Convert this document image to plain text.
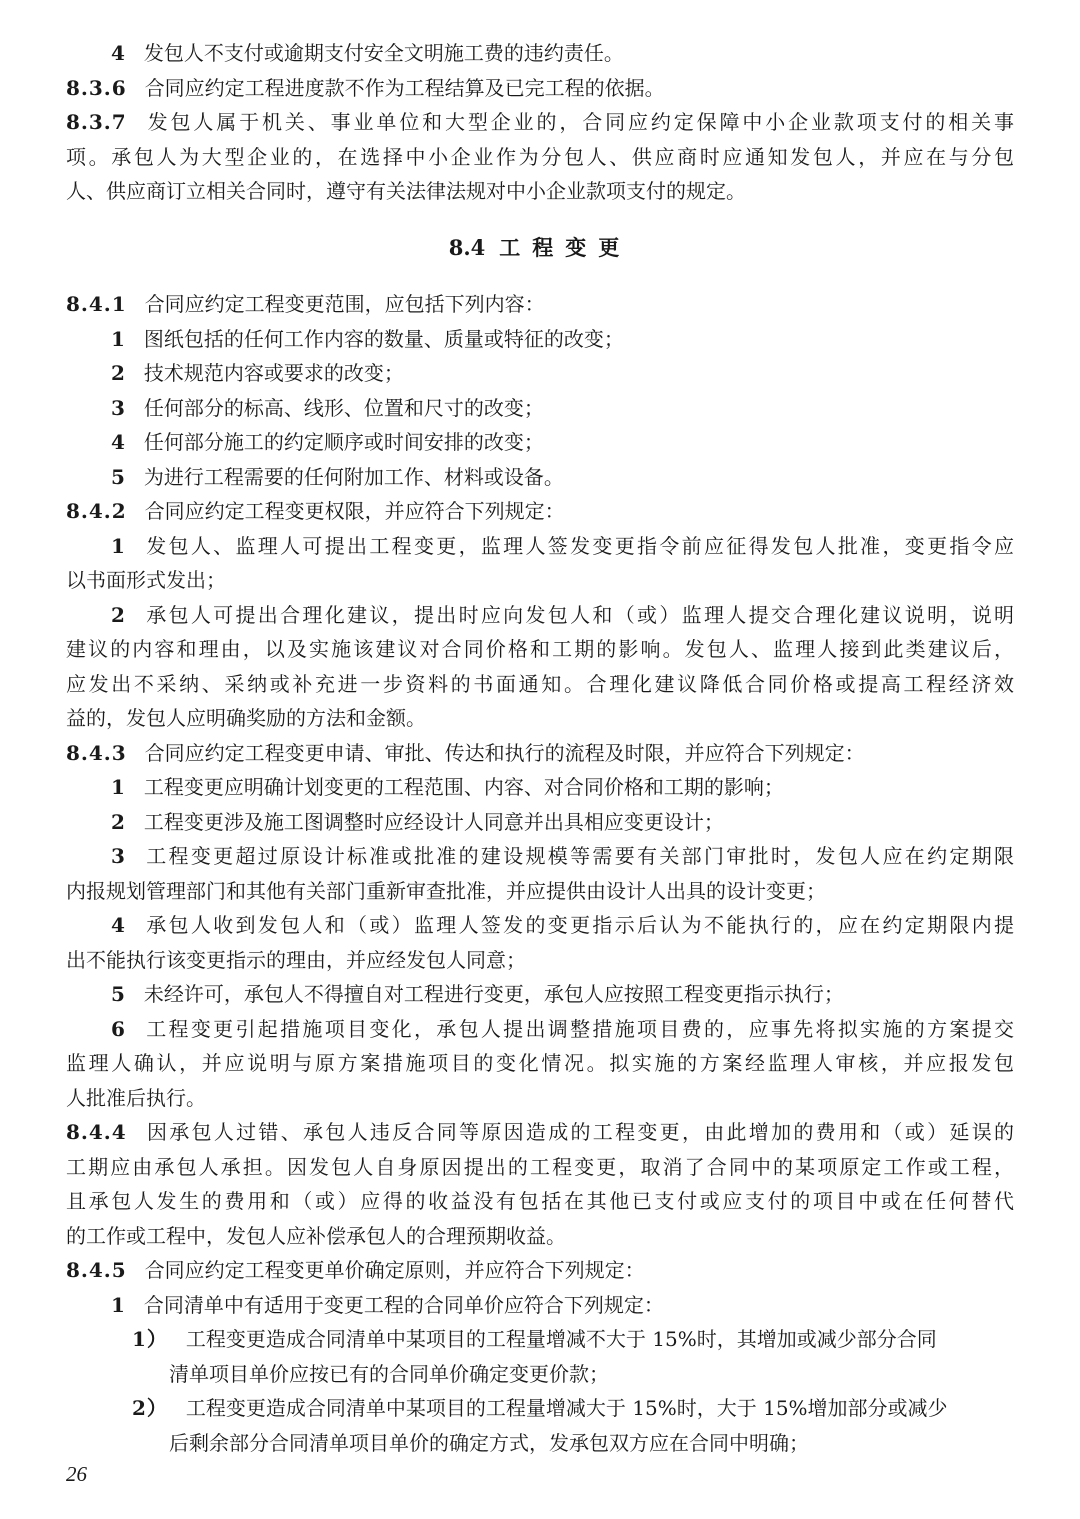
4 发包人不支付或逾期支付安全文明施工费的违约责任。
8.3.6 合同应约定工程进度款不作为工程结算及已完工程的依据。
8.3.7 发包人属于机关、事业单位和大型企业的，合同应约定保障中小企业款项支付的相关事
项。承包人为大型企业的，在选择中小企业作为分包人、供应商时应通知发包人，并应在与分包
人、供应商订立相关合同时，遵守有关法律法规对中小企业款项支付的规定。
8.4 工程变更
8.4.1 合同应约定工程变更范围，应包括下列内容：
1 图纸包括的任何工作内容的数量、质量或特征的改变；
2 技术规范内容或要求的改变；
3 任何部分的标高、线形、位置和尺寸的改变；
4 任何部分施工的约定顺序或时间安排的改变；
5 为进行工程需要的任何附加工作、材料或设备。
8.4.2 合同应约定工程变更权限，并应符合下列规定：
1 发包人、监理人可提出工程变更，监理人签发变更指令前应征得发包人批准，变更指令应
以书面形式发出；
2 承包人可提出合理化建议，提出时应向发包人和（或）监理人提交合理化建议说明，说明
建议的内容和理由，以及实施该建议对合同价格和工期的影响。发包人、监理人接到此类建议后，
应发出不采纳、采纳或补充进一步资料的书面通知。合理化建议降低合同价格或提高工程经济效
益的，发包人应明确奖励的方法和金额。
8.4.3 合同应约定工程变更申请、审批、传达和执行的流程及时限，并应符合下列规定：
1 工程变更应明确计划变更的工程范围、内容、对合同价格和工期的影响；
2 工程变更涉及施工图调整时应经设计人同意并出具相应变更设计；
3 工程变更超过原设计标准或批准的建设规模等需要有关部门审批时，发包人应在约定期限
内报规划管理部门和其他有关部门重新审查批准，并应提供由设计人出具的设计变更；
4 承包人收到发包人和（或）监理人签发的变更指示后认为不能执行的，应在约定期限内提
出不能执行该变更指示的理由，并应经发包人同意；
5 未经许可，承包人不得擅自对工程进行变更，承包人应按照工程变更指示执行；
6 工程变更引起措施项目变化，承包人提出调整措施项目费的，应事先将拟实施的方案提交
监理人确认，并应说明与原方案措施项目的变化情况。拟实施的方案经监理人审核，并应报发包
人批准后执行。
8.4.4 因承包人过错、承包人违反合同等原因造成的工程变更，由此增加的费用和（或）延误的
工期应由承包人承担。因发包人自身原因提出的工程变更，取消了合同中的某项原定工作或工程，
且承包人发生的费用和（或）应得的收益没有包括在其他已支付或应支付的项目中或在任何替代
的工作或工程中，发包人应补偿承包人的合理预期收益。
8.4.5 合同应约定工程变更单价确定原则，并应符合下列规定：
1 合同清单中有适用于变更工程的合同单价应符合下列规定：
1） 工程变更造成合同清单中某项目的工程量增减不大于 15%时，其增加或减少部分合同
清单项目单价应按已有的合同单价确定变更价款；
2） 工程变更造成合同清单中某项目的工程量增减大于 15%时，大于 15%增加部分或减少
后剩余部分合同清单项目单价的确定方式，发承包双方应在合同中明确；
26
